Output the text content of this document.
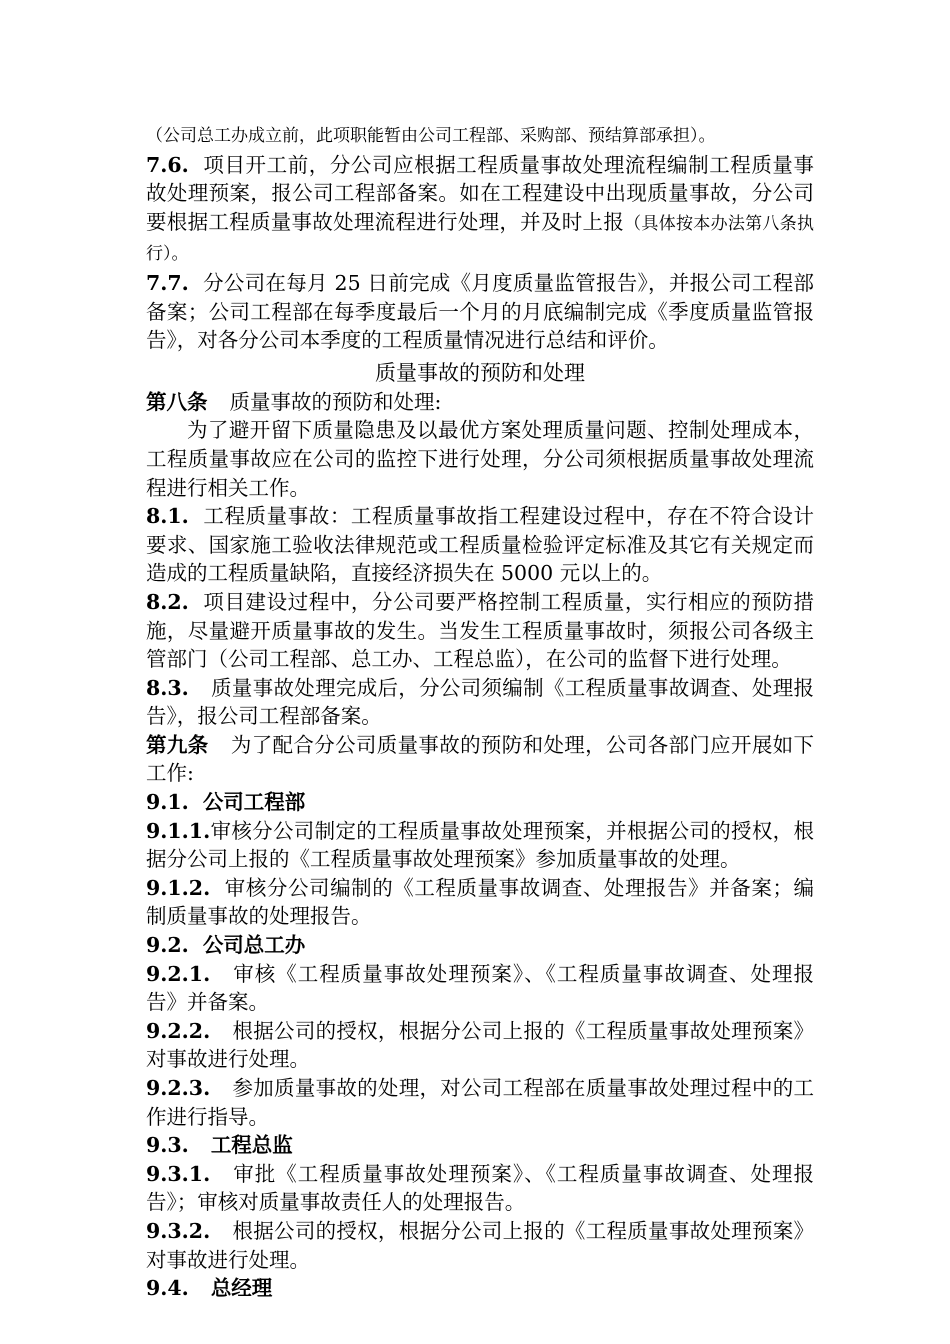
（公司总工办成立前，此项职能暂由公司工程部、采购部、预结算部承担）。

7.6. 项目开工前，分公司应根据工程质量事故处理流程编制工程质量事故处理预案，报公司工程部备案。如在工程建设中出现质量事故，分公司要根据工程质量事故处理流程进行处理，并及时上报（具体按本办法第八条执行）。

7.7. 分公司在每月 25 日前完成《月度质量监管报告》，并报公司工程部备案；公司工程部在每季度最后一个月的月底编制完成《季度质量监管报告》，对各分公司本季度的工程质量情况进行总结和评价。

质量事故的预防和处理

第八条 质量事故的预防和处理:

为了避开留下质量隐患及以最优方案处理质量问题、控制处理成本，工程质量事故应在公司的监控下进行处理，分公司须根据质量事故处理流程进行相关工作。

8.1. 工程质量事故：工程质量事故指工程建设过程中，存在不符合设计要求、国家施工验收法律规范或工程质量检验评定标准及其它有关规定而造成的工程质量缺陷，直接经济损失在 5000 元以上的。

8.2. 项目建设过程中，分公司要严格控制工程质量，实行相应的预防措施，尽量避开质量事故的发生。当发生工程质量事故时，须报公司各级主管部门（公司工程部、总工办、工程总监），在公司的监督下进行处理。

8.3. 质量事故处理完成后，分公司须编制《工程质量事故调查、处理报告》，报公司工程部备案。

第九条 为了配合分公司质量事故的预防和处理，公司各部门应开展如下工作:

9.1. 公司工程部

9.1.1.审核分公司制定的工程质量事故处理预案，并根据公司的授权，根据分公司上报的《工程质量事故处理预案》参加质量事故的处理。

9.1.2. 审核分公司编制的《工程质量事故调查、处理报告》并备案；编制质量事故的处理报告。

9.2. 公司总工办

9.2.1. 审核《工程质量事故处理预案》、《工程质量事故调查、处理报告》并备案。

9.2.2. 根据公司的授权，根据分公司上报的《工程质量事故处理预案》对事故进行处理。

9.2.3. 参加质量事故的处理，对公司工程部在质量事故处理过程中的工作进行指导。

9.3. 工程总监

9.3.1. 审批《工程质量事故处理预案》、《工程质量事故调查、处理报告》；审核对质量事故责任人的处理报告。

9.3.2. 根据公司的授权，根据分公司上报的《工程质量事故处理预案》对事故进行处理。

9.4. 总经理
